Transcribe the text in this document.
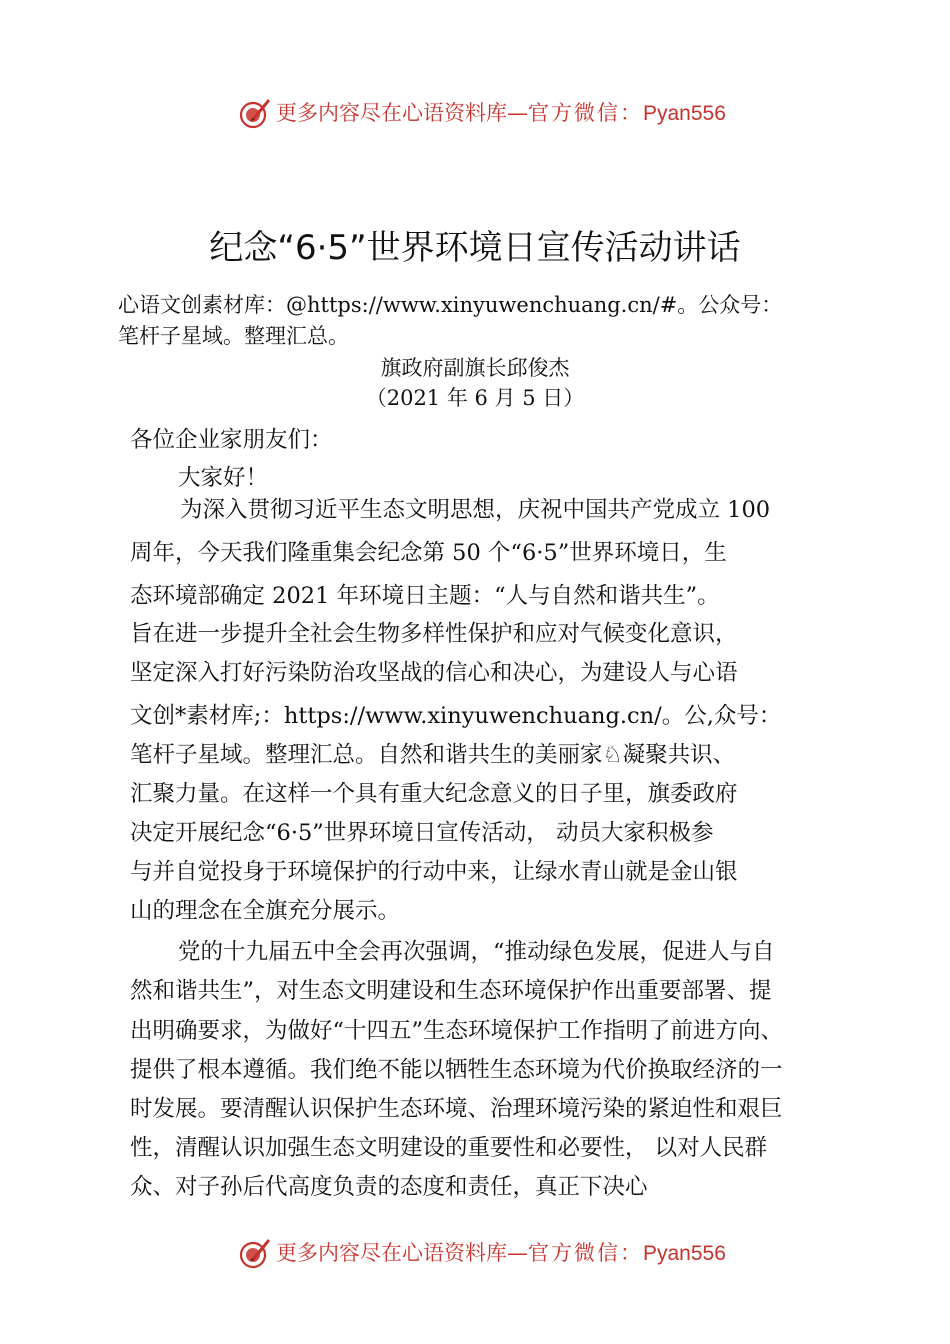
更多内容尽在心语资料库—官方微信：Pyan556
纪念“6·5”世界环境日宣传活动讲话
心语文创素材库：@https://www.xinyuwenchuang.cn/#。公众号：
笔杆子星域。整理汇总。
旗政府副旗长邱俊杰
（2021 年 6 月 5 日）
各位企业家朋友们：
大家好！
为深入贯彻习近平生态文明思想，庆祝中国共产党成立 100
周年，今天我们隆重集会纪念第 50 个“6·5”世界环境日，生
态环境部确定 2021 年环境日主题：“人与自然和谐共生”。
旨在进一步提升全社会生物多样性保护和应对气候变化意识，
坚定深入打好污染防治攻坚战的信心和决心，为建设人与心语
文创*素材库;：https://www.xinyuwenchuang.cn/。公,众号：
笔杆子星域。整理汇总。自然和谐共生的美丽家♘凝聚共识、
汇聚力量。在这样一个具有重大纪念意义的日子里，旗委政府
决定开展纪念“6·5”世界环境日宣传活动， 动员大家积极参
与并自觉投身于环境保护的行动中来，让绿水青山就是金山银
山的理念在全旗充分展示。
党的十九届五中全会再次强调，“推动绿色发展，促进人与自
然和谐共生”，对生态文明建设和生态环境保护作出重要部署、提
出明确要求，为做好“十四五”生态环境保护工作指明了前进方向、
提供了根本遵循。我们绝不能以牺牲生态环境为代价换取经济的一
时发展。要清醒认识保护生态环境、治理环境污染的紧迫性和艰巨
性，清醒认识加强生态文明建设的重要性和必要性， 以对人民群
众、对子孙后代高度负责的态度和责任，真正下决心
更多内容尽在心语资料库—官方微信：Pyan556
